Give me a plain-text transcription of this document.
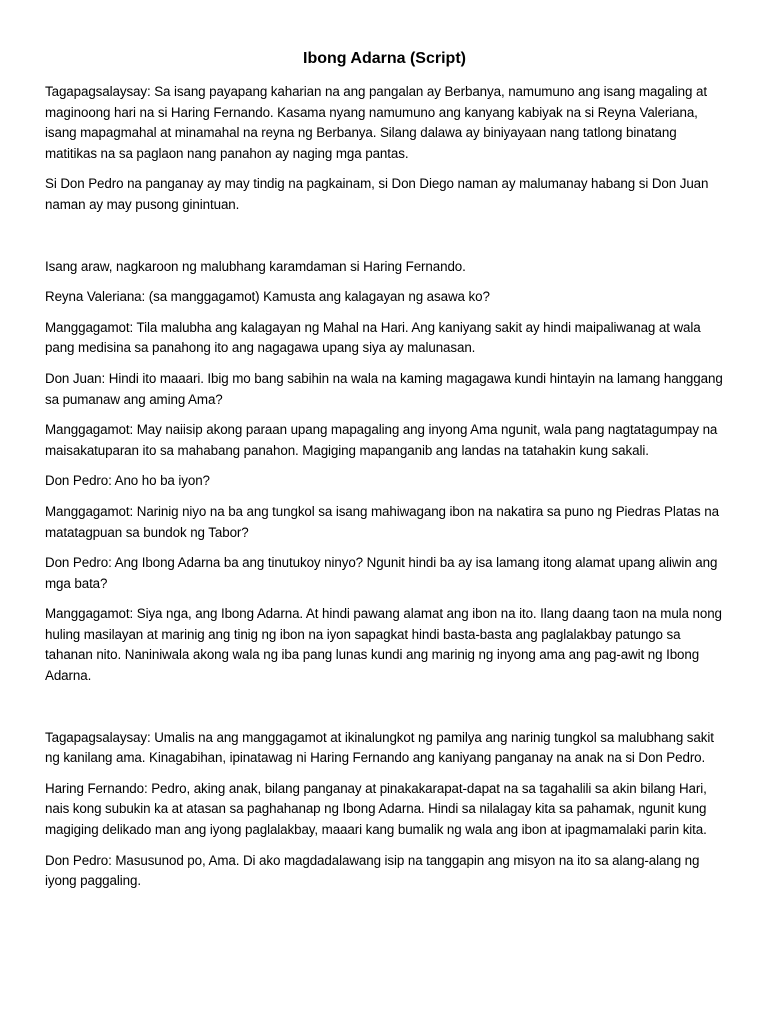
Ibong Adarna (Script)

Tagapagsalaysay: Sa isang payapang kaharian na ang pangalan ay Berbanya, namumuno ang isang magaling at maginoong hari na si Haring Fernando. Kasama nyang namumuno ang kanyang kabiyak na si Reyna Valeriana, isang mapagmahal at minamahal na reyna ng Berbanya. Silang dalawa ay biniyayaan nang tatlong binatang matitikas na sa paglaon nang panahon ay naging mga pantas.

Si Don Pedro na panganay ay may tindig na pagkainam, si Don Diego naman ay malumanay habang si Don Juan naman ay may pusong ginintuan.

Isang araw, nagkaroon ng malubhang karamdaman si Haring Fernando.

Reyna Valeriana: (sa manggagamot) Kamusta ang kalagayan ng asawa ko?

Manggagamot: Tila malubha ang kalagayan ng Mahal na Hari. Ang kaniyang sakit ay hindi maipaliwanag at wala pang medisina sa panahong ito ang nagagawa upang siya ay malunasan.

Don Juan: Hindi ito maaari. Ibig mo bang sabihin na wala na kaming magagawa kundi hintayin na lamang hanggang sa pumanaw ang aming Ama?

Manggagamot: May naiisip akong paraan upang mapagaling ang inyong Ama ngunit, wala pang nagtatagumpay na maisakatuparan ito sa mahabang panahon. Magiging mapanganib ang landas na tatahakin kung sakali.

Don Pedro: Ano ho ba iyon?

Manggagamot: Narinig niyo na ba ang tungkol sa isang mahiwagang ibon na nakatira sa puno ng Piedras Platas na matatagpuan sa bundok ng Tabor?

Don Pedro: Ang Ibong Adarna ba ang tinutukoy ninyo? Ngunit hindi ba ay isa lamang itong alamat upang aliwin ang mga bata?

Manggagamot: Siya nga, ang Ibong Adarna. At hindi pawang alamat ang ibon na ito. Ilang daang taon na mula nong huling masilayan at marinig ang tinig ng ibon na iyon sapagkat hindi basta-basta ang paglalakbay patungo sa tahanan nito. Naniniwala akong wala ng iba pang lunas kundi ang marinig ng inyong ama ang pag-awit ng Ibong Adarna.

Tagapagsalaysay: Umalis na ang manggagamot at ikinalungkot ng pamilya ang narinig tungkol sa malubhang sakit ng kanilang ama. Kinagabihan, ipinatawag ni Haring Fernando ang kaniyang panganay na anak na si Don Pedro.

Haring Fernando: Pedro, aking anak, bilang panganay at pinakakarapat-dapat na sa tagahalili sa akin bilang Hari, nais kong subukin ka at atasan sa paghahanap ng Ibong Adarna. Hindi sa nilalagay kita sa pahamak, ngunit kung magiging delikado man ang iyong paglalakbay, maaari kang bumalik ng wala ang ibon at ipagmamalaki parin kita.

Don Pedro: Masusunod po, Ama. Di ako magdadalawang isip na tanggapin ang misyon na ito sa alang-alang ng iyong paggaling.
